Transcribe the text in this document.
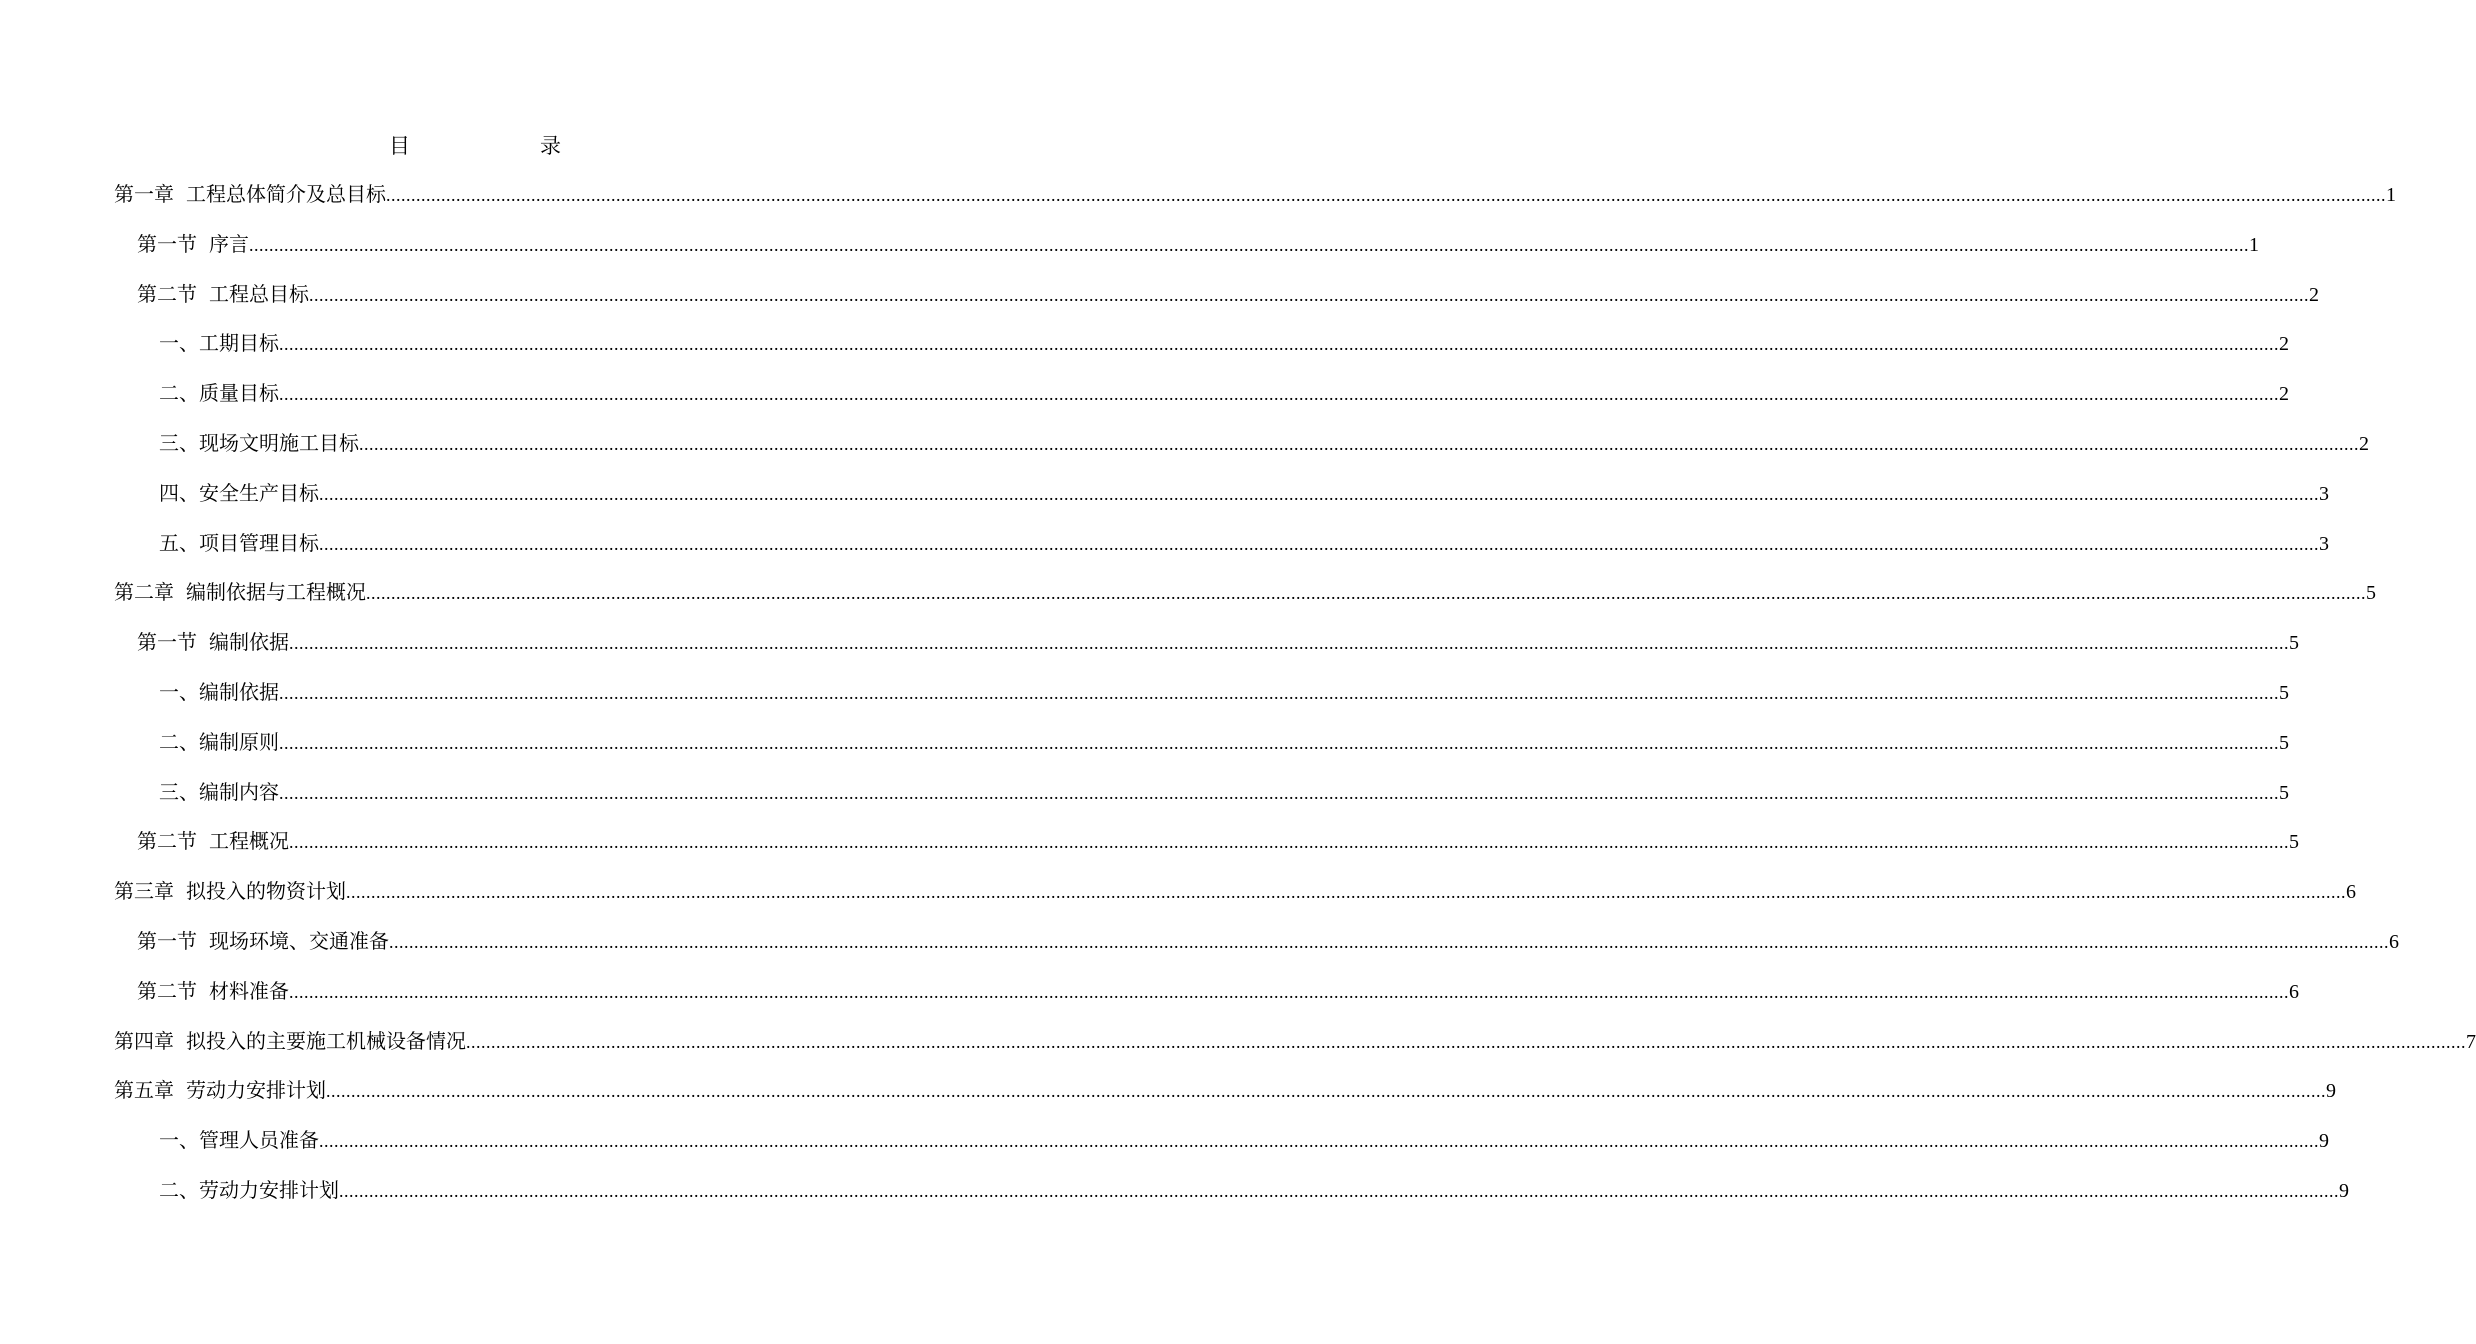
目	录
第一章 工程总体简介及总目标 ................................................................................................................................................................................................................................................................................................................................................................................................................ 1
第一节 序言 ................................................................................................................................................................................................................................................................................................................................................................................................................ 1
第二节 工程总目标 ................................................................................................................................................................................................................................................................................................................................................................................................................ 2
一、工期目标 ................................................................................................................................................................................................................................................................................................................................................................................................................ 2
二、质量目标 ................................................................................................................................................................................................................................................................................................................................................................................................................ 2
三、现场文明施工目标 ................................................................................................................................................................................................................................................................................................................................................................................................................ 2
四、安全生产目标 ................................................................................................................................................................................................................................................................................................................................................................................................................ 3
五、项目管理目标 ................................................................................................................................................................................................................................................................................................................................................................................................................ 3
第二章 编制依据与工程概况 ................................................................................................................................................................................................................................................................................................................................................................................................................ 5
第一节 编制依据 ................................................................................................................................................................................................................................................................................................................................................................................................................ 5
一、编制依据 ................................................................................................................................................................................................................................................................................................................................................................................................................ 5
二、编制原则 ................................................................................................................................................................................................................................................................................................................................................................................................................ 5
三、编制内容 ................................................................................................................................................................................................................................................................................................................................................................................................................ 5
第二节 工程概况 ................................................................................................................................................................................................................................................................................................................................................................................................................ 5
第三章 拟投入的物资计划 ................................................................................................................................................................................................................................................................................................................................................................................................................ 6
第一节 现场环境、交通准备 ................................................................................................................................................................................................................................................................................................................................................................................................................ 6
第二节 材料准备 ................................................................................................................................................................................................................................................................................................................................................................................................................ 6
第四章 拟投入的主要施工机械设备情况 ................................................................................................................................................................................................................................................................................................................................................................................................................ 7
第五章 劳动力安排计划 ................................................................................................................................................................................................................................................................................................................................................................................................................ 9
一、管理人员准备 ................................................................................................................................................................................................................................................................................................................................................................................................................ 9
二、劳动力安排计划 ................................................................................................................................................................................................................................................................................................................................................................................................................ 9
